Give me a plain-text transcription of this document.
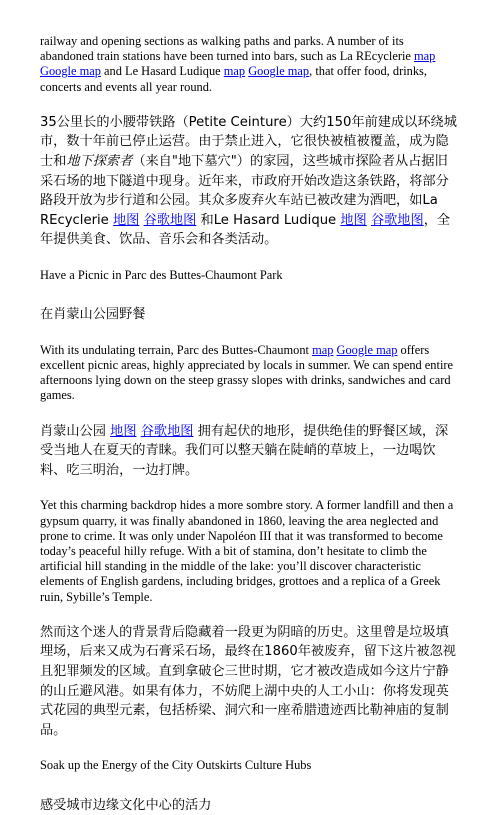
railway and opening sections as walking paths and parks. A number of its abandoned train stations have been turned into bars, such as La REcyclerie map Google map and Le Hasard Ludique map Google map, that offer food, drinks, concerts and events all year round.

35公里长的小腰带铁路（Petite Ceinture）大约150年前建成以环绕城市，数十年前已停止运营。由于禁止进入，它很快被植被覆盖，成为隐士和地下探索者（来自"地下墓穴"）的家园，这些城市探险者从占据旧采石场的地下隧道中现身。近年来，市政府开始改造这条铁路，将部分路段开放为步行道和公园。其众多废弃火车站已被改建为酒吧，如La REcyclerie 地图 谷歌地图 和Le Hasard Ludique 地图 谷歌地图，全年提供美食、饮品、音乐会和各类活动。

Have a Picnic in Parc des Buttes-Chaumont Park

在肖蒙山公园野餐

With its undulating terrain, Parc des Buttes-Chaumont map Google map offers excellent picnic areas, highly appreciated by locals in summer. We can spend entire afternoons lying down on the steep grassy slopes with drinks, sandwiches and card games.

肖蒙山公园 地图 谷歌地图 拥有起伏的地形，提供绝佳的野餐区域，深受当地人在夏天的青睐。我们可以整天躺在陡峭的草坡上，一边喝饮料、吃三明治，一边打牌。

Yet this charming backdrop hides a more sombre story. A former landfill and then a gypsum quarry, it was finally abandoned in 1860, leaving the area neglected and prone to crime. It was only under Napoléon III that it was transformed to become today’s peaceful hilly refuge. With a bit of stamina, don’t hesitate to climb the artificial hill standing in the middle of the lake: you’ll discover characteristic elements of English gardens, including bridges, grottoes and a replica of a Greek ruin, Sybille’s Temple.

然而这个迷人的背景背后隐藏着一段更为阴暗的历史。这里曾是垃圾填埋场，后来又成为石膏采石场，最终在1860年被废弃，留下这片被忽视且犯罪频发的区域。直到拿破仑三世时期，它才被改造成如今这片宁静的山丘避风港。如果有体力，不妨爬上湖中央的人工小山：你将发现英式花园的典型元素，包括桥梁、洞穴和一座希腊遗迹西比勒神庙的复制品。

Soak up the Energy of the City Outskirts Culture Hubs

感受城市边缘文化中心的活力
